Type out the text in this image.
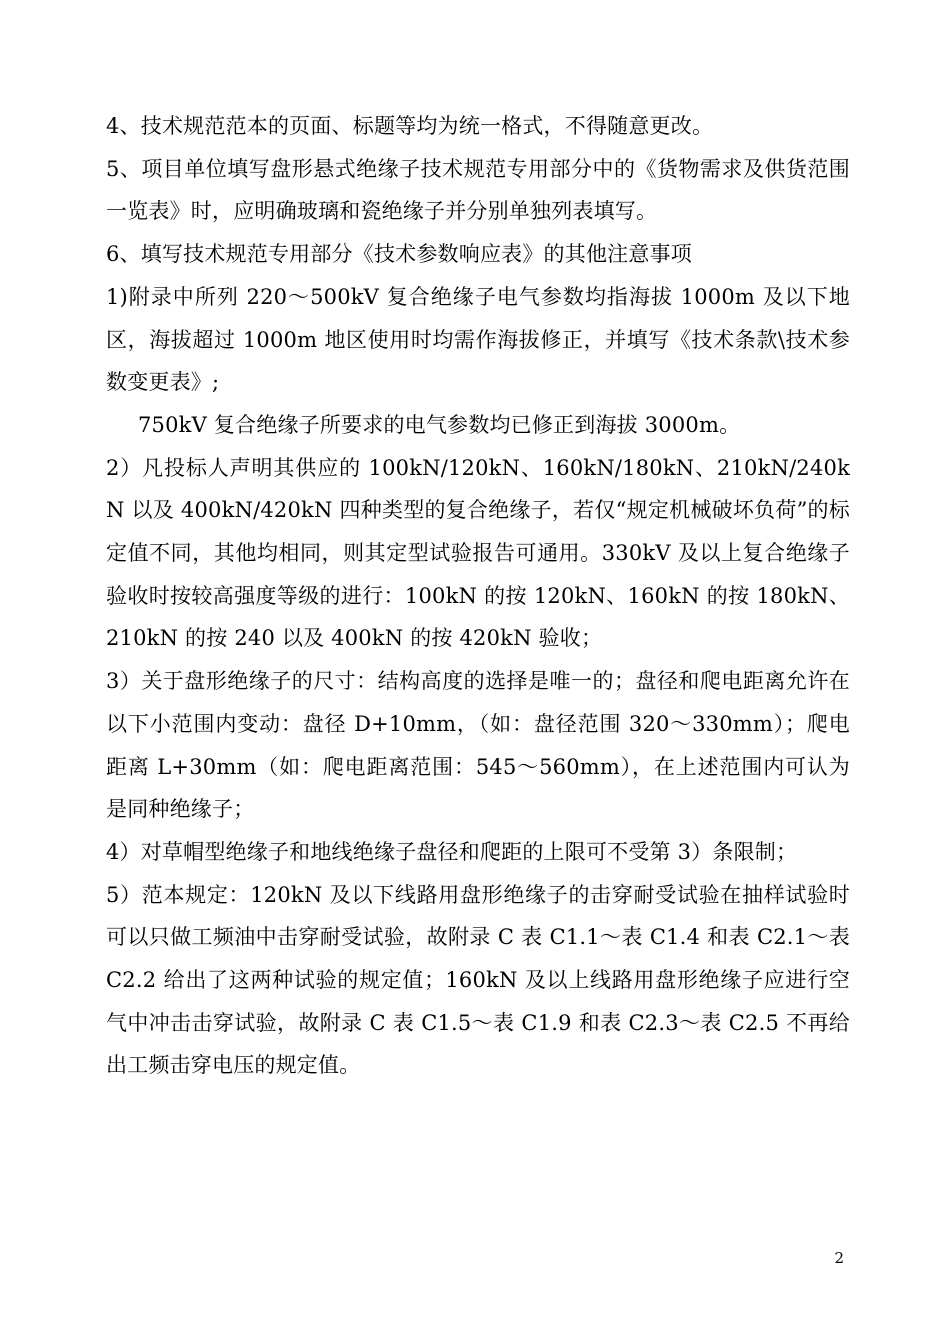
4、技术规范范本的页面、标题等均为统一格式，不得随意更改。

5、项目单位填写盘形悬式绝缘子技术规范专用部分中的《货物需求及供货范围一览表》时，应明确玻璃和瓷绝缘子并分别单独列表填写。

6、填写技术规范专用部分《技术参数响应表》的其他注意事项

1)附录中所列 220～500kV 复合绝缘子电气参数均指海拔 1000m 及以下地区，海拔超过 1000m 地区使用时均需作海拔修正，并填写《技术条款\技术参数变更表》;

750kV 复合绝缘子所要求的电气参数均已修正到海拔 3000m。

2）凡投标人声明其供应的 100kN/120kN、160kN/180kN、210kN/240kN 以及 400kN/420kN 四种类型的复合绝缘子，若仅“规定机械破坏负荷”的标定值不同，其他均相同，则其定型试验报告可通用。330kV 及以上复合绝缘子验收时按较高强度等级的进行：100kN 的按 120kN、160kN 的按 180kN、210kN 的按 240 以及 400kN 的按 420kN 验收；

3）关于盘形绝缘子的尺寸：结构高度的选择是唯一的；盘径和爬电距离允许在以下小范围内变动：盘径 D+10mm，（如：盘径范围 320～330mm）；爬电距离 L+30mm（如：爬电距离范围：545～560mm），在上述范围内可认为是同种绝缘子；

4）对草帽型绝缘子和地线绝缘子盘径和爬距的上限可不受第 3）条限制；

5）范本规定：120kN 及以下线路用盘形绝缘子的击穿耐受试验在抽样试验时可以只做工频油中击穿耐受试验，故附录 C 表 C1.1～表 C1.4 和表 C2.1～表 C2.2 给出了这两种试验的规定值；160kN 及以上线路用盘形绝缘子应进行空气中冲击击穿试验，故附录 C 表 C1.5～表 C1.9 和表 C2.3～表 C2.5 不再给出工频击穿电压的规定值。

2
